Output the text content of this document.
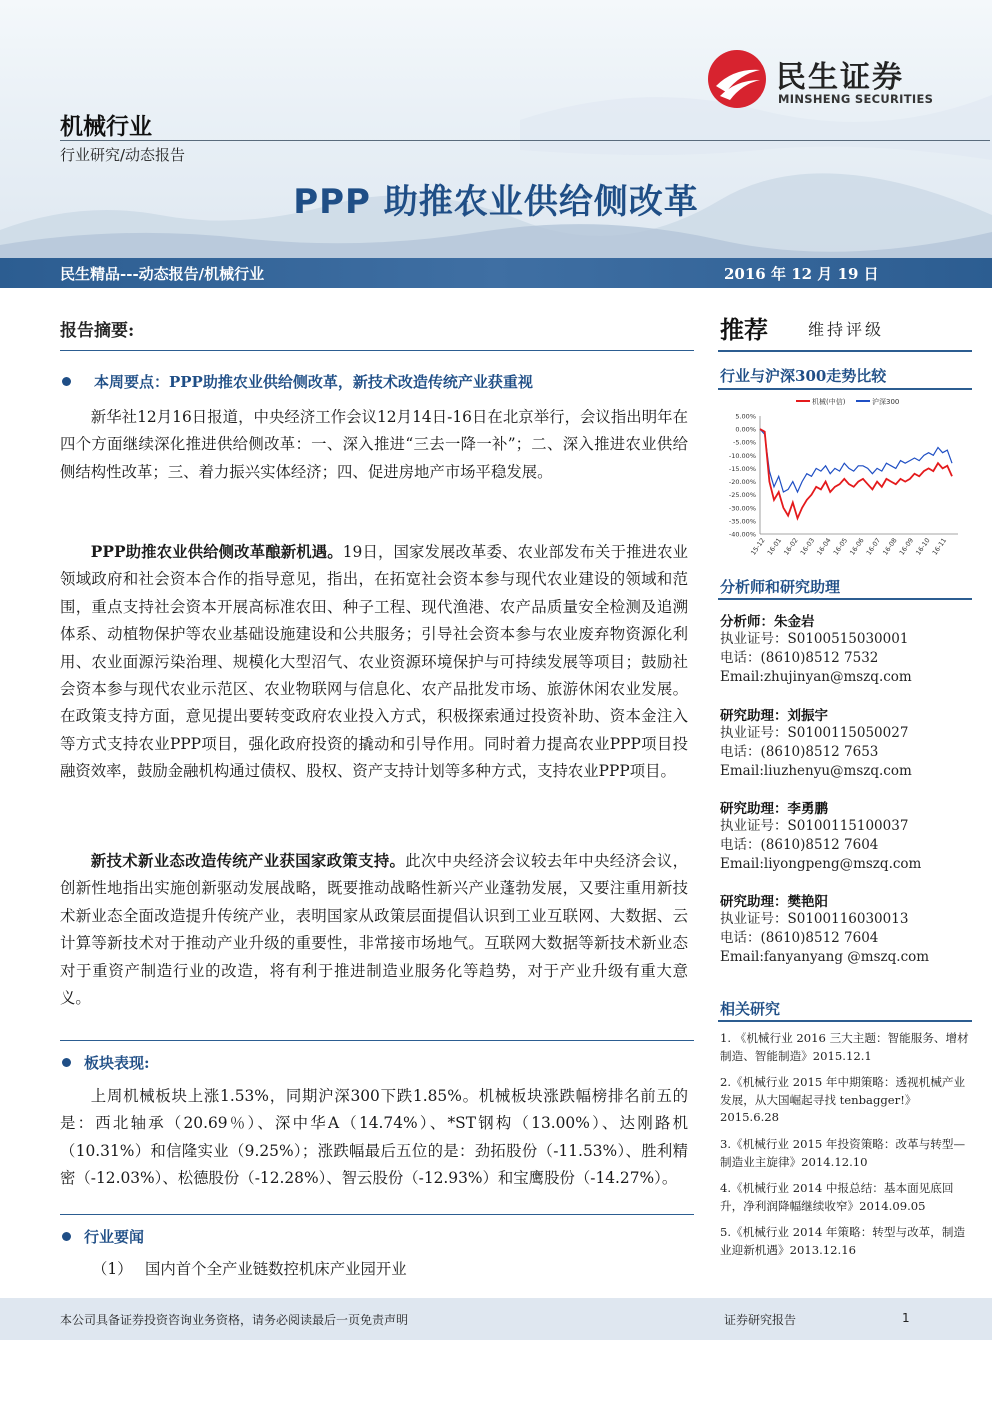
民生证券
MINSHENG SECURITIES
机械行业
行业研究/动态报告
PPP 助推农业供给侧改革
民生精品---动态报告/机械行业	2016 年 12 月 19 日
报告摘要:
本周要点：PPP助推农业供给侧改革，新技术改造传统产业获重视
新华社12月16日报道，中央经济工作会议12月14日-16日在北京举行，会议指出明年在四个方面继续深化推进供给侧改革：一、深入推进“三去一降一补”；二、深入推进农业供给侧结构性改革；三、着力振兴实体经济；四、促进房地产市场平稳发展。
PPP助推农业供给侧改革酿新机遇。19日，国家发展改革委、农业部发布关于推进农业领域政府和社会资本合作的指导意见，指出，在拓宽社会资本参与现代农业建设的领域和范围，重点支持社会资本开展高标准农田、种子工程、现代渔港、农产品质量安全检测及追溯体系、动植物保护等农业基础设施建设和公共服务；引导社会资本参与农业废弃物资源化利用、农业面源污染治理、规模化大型沼气、农业资源环境保护与可持续发展等项目；鼓励社会资本参与现代农业示范区、农业物联网与信息化、农产品批发市场、旅游休闲农业发展。在政策支持方面，意见提出要转变政府农业投入方式，积极探索通过投资补助、资本金注入等方式支持农业PPP项目，强化政府投资的撬动和引导作用。同时着力提高农业PPP项目投融资效率，鼓励金融机构通过债权、股权、资产支持计划等多种方式，支持农业PPP项目。
新技术新业态改造传统产业获国家政策支持。此次中央经济会议较去年中央经济会议，创新性地指出实施创新驱动发展战略，既要推动战略性新兴产业蓬勃发展，又要注重用新技术新业态全面改造提升传统产业，表明国家从政策层面提倡认识到工业互联网、大数据、云计算等新技术对于推动产业升级的重要性，非常接市场地气。互联网大数据等新技术新业态对于重资产制造行业的改造，将有利于推进制造业服务化等趋势，对于产业升级有重大意义。
板块表现:
上周机械板块上涨1.53%，同期沪深300下跌1.85%。机械板块涨跌幅榜排名前五的是：西北轴承（20.69％）、深中华A（14.74%）、*ST钢构（13.00%）、达刚路机（10.31%）和信隆实业（9.25%）；涨跌幅最后五位的是：劲拓股份（-11.53%）、胜利精密（-12.03%）、松德股份（-12.28%）、智云股份（-12.93%）和宝鹰股份（-14.27%）。
行业要闻
（1） 国内首个全产业链数控机床产业园开业
推荐	维持评级
行业与沪深300走势比较
机械(中信)	沪深300
5.00%
0.00%
-5.00%
-10.00%
-15.00%
-20.00%
-25.00%
-30.00%
-35.00%
-40.00%
15-12 16-01 16-02 16-03 16-04 16-05 16-06 16-07 16-08 16-09 16-10 16-11
分析师和研究助理
分析师：朱金岩
执业证号：S0100515030001
电话：(8610)8512 7532
Email:zhujinyan@mszq.com
研究助理：刘振宇
执业证号：S0100115050027
电话：(8610)8512 7653
Email:liuzhenyu@mszq.com
研究助理：李勇鹏
执业证号：S0100115100037
电话：(8610)8512 7604
Email:liyongpeng@mszq.com
研究助理：樊艳阳
执业证号：S0100116030013
电话：(8610)8512 7604
Email:fanyanyang @mszq.com
相关研究
1. 《机械行业 2016 三大主题：智能服务、增材制造、智能制造》2015.12.1
2.《机械行业 2015 年中期策略：透视机械产业发展，从大国崛起寻找 tenbagger!》2015.6.28
3.《机械行业 2015 年投资策略：改革与转型—制造业主旋律》2014.12.10
4.《机械行业 2014 中报总结：基本面见底回升，净利润降幅继续收窄》2014.09.05
5.《机械行业 2014 年策略：转型与改革，制造业迎新机遇》2013.12.16
本公司具备证券投资咨询业务资格，请务必阅读最后一页免责声明	证券研究报告	1
